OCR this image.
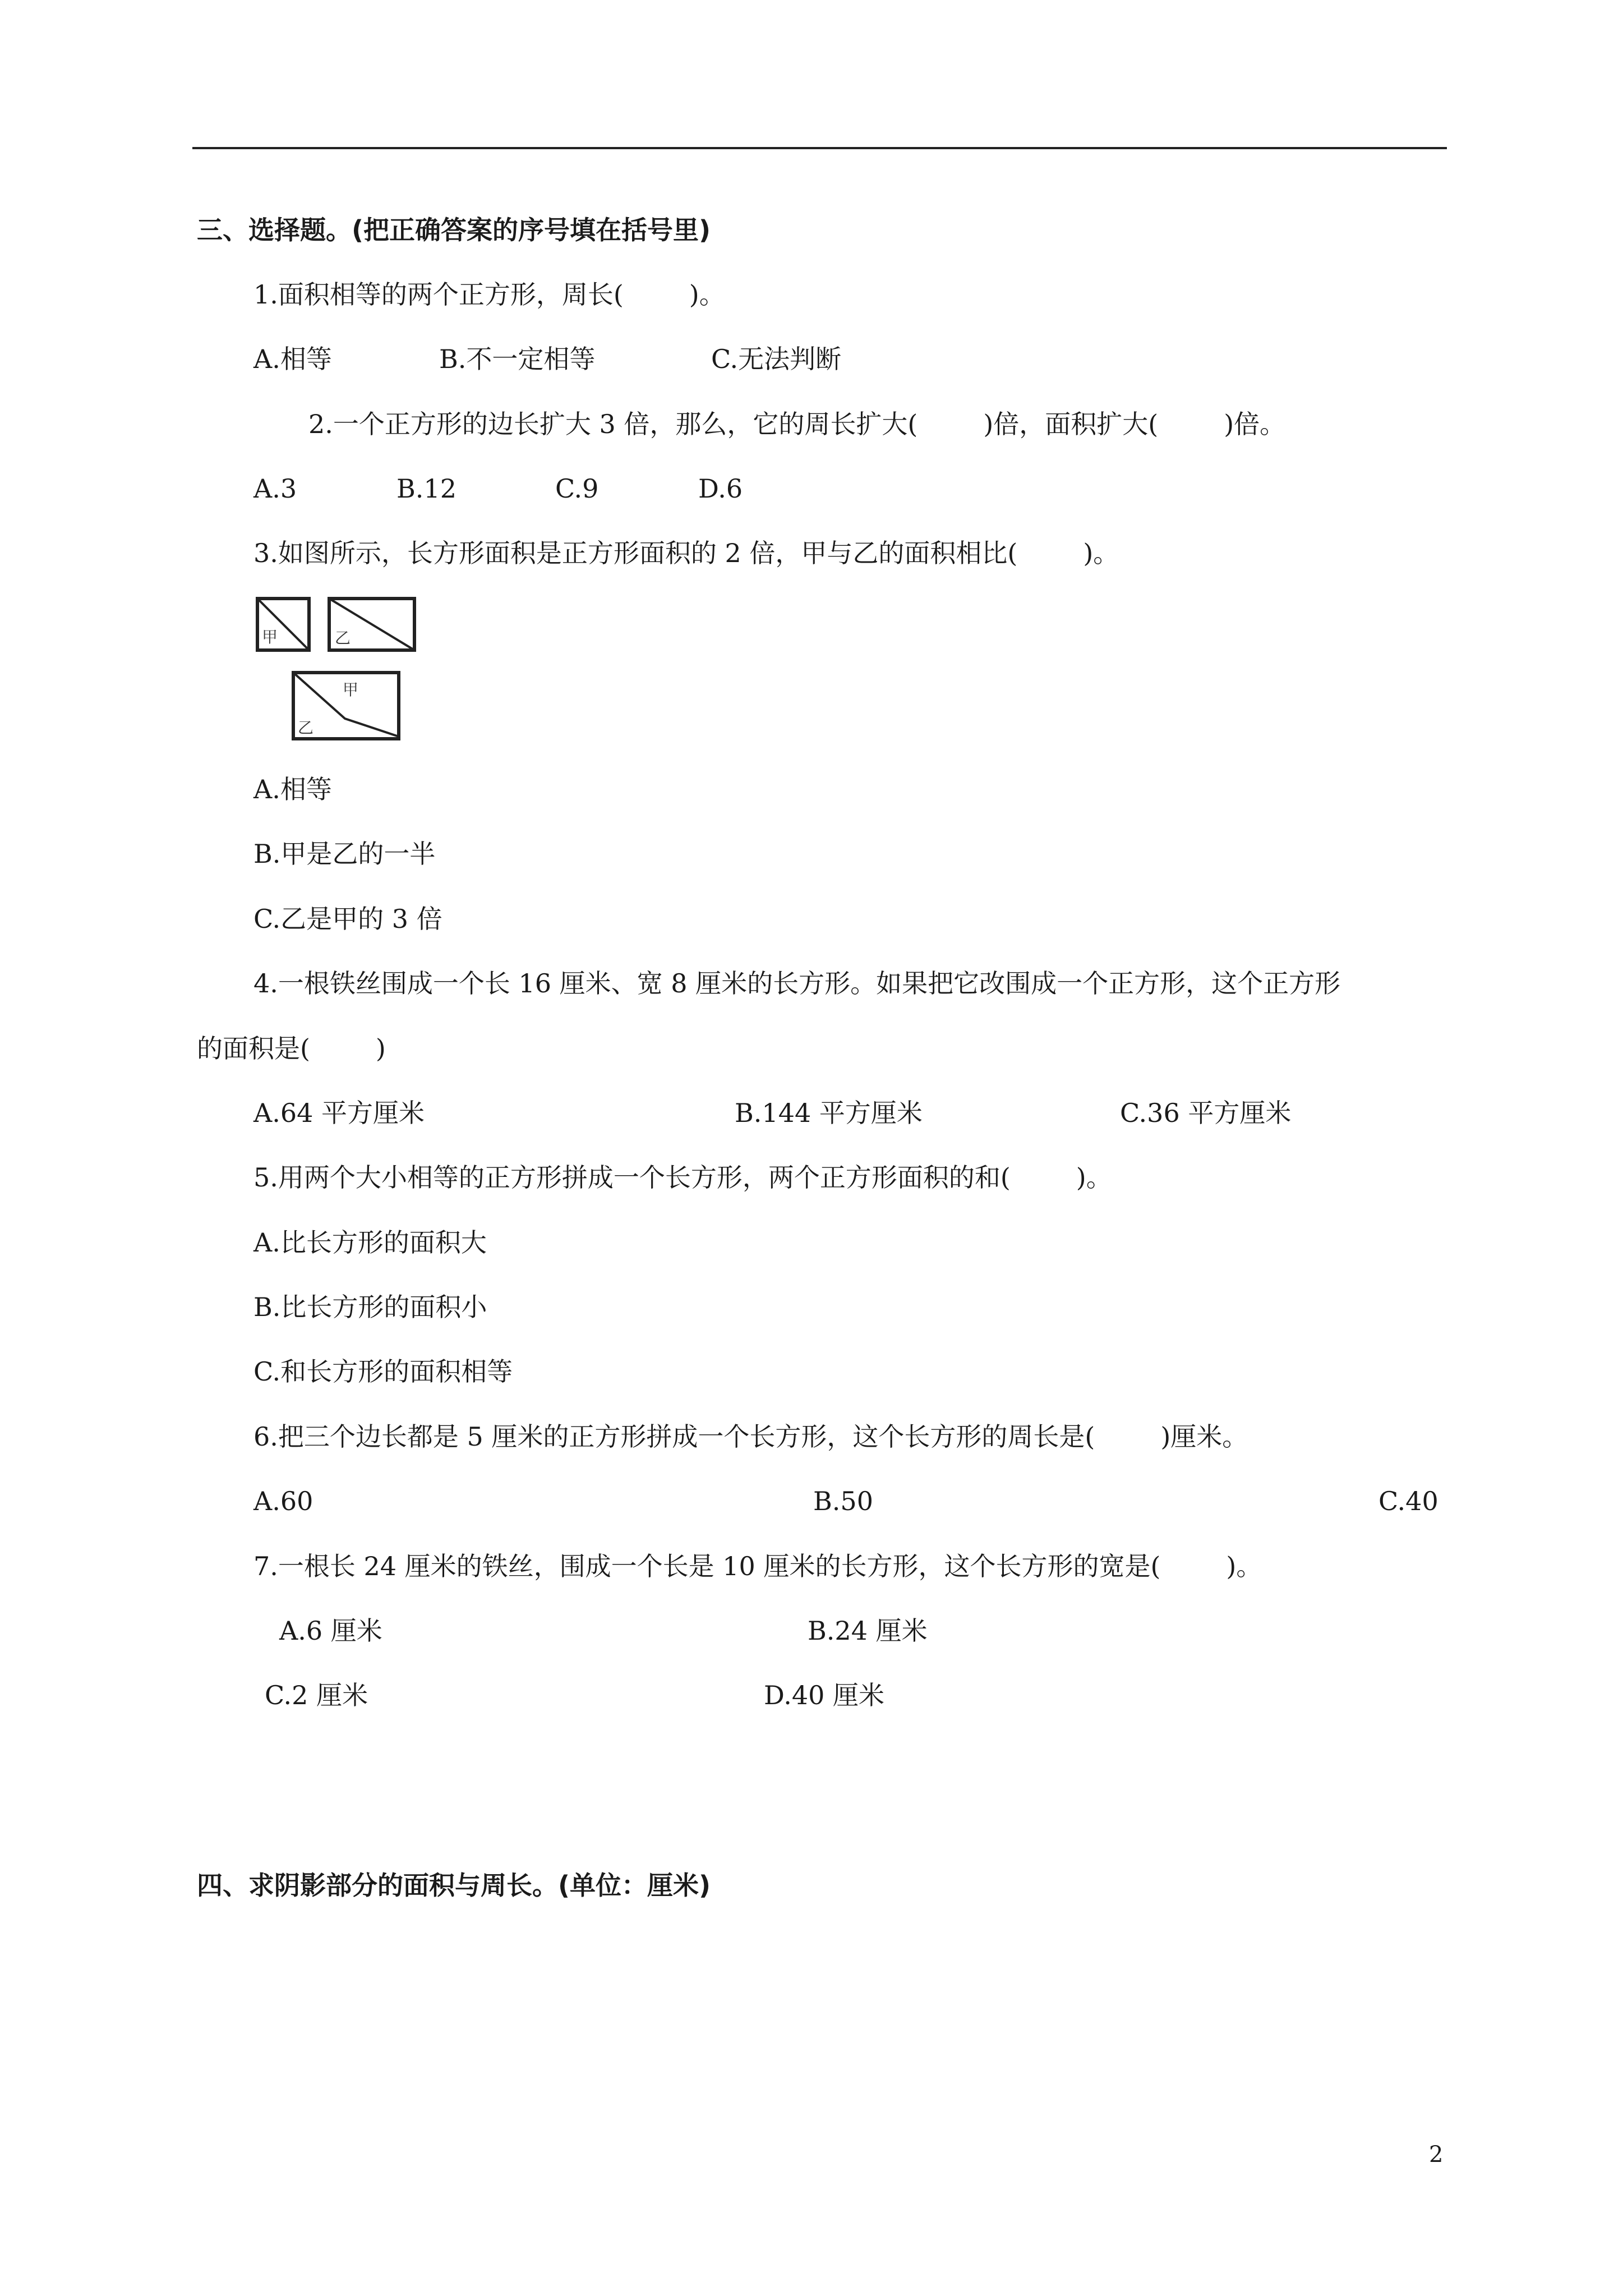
三、选择题。(把正确答案的序号填在括号里)
1.面积相等的两个正方形，周长(        )。
A.相等	B.不一定相等	C.无法判断
2.一个正方形的边长扩大 3 倍，那么，它的周长扩大(        )倍，面积扩大(        )倍。
A.3	B.12	C.9	D.6
3.如图所示，长方形面积是正方形面积的 2 倍，甲与乙的面积相比(        )。
甲	乙
甲
乙
A.相等
B.甲是乙的一半
C.乙是甲的 3 倍
4.一根铁丝围成一个长 16 厘米、宽 8 厘米的长方形。如果把它改围成一个正方形，这个正方形
的面积是(        )
A.64 平方厘米	B.144 平方厘米	C.36 平方厘米
5.用两个大小相等的正方形拼成一个长方形，两个正方形面积的和(        )。
A.比长方形的面积大
B.比长方形的面积小
C.和长方形的面积相等
6.把三个边长都是 5 厘米的正方形拼成一个长方形，这个长方形的周长是(        )厘米。
A.60	B.50	C.40
7.一根长 24 厘米的铁丝，围成一个长是 10 厘米的长方形，这个长方形的宽是(        )。
A.6 厘米	B.24 厘米
C.2 厘米	D.40 厘米
四、求阴影部分的面积与周长。(单位：厘米)
2
